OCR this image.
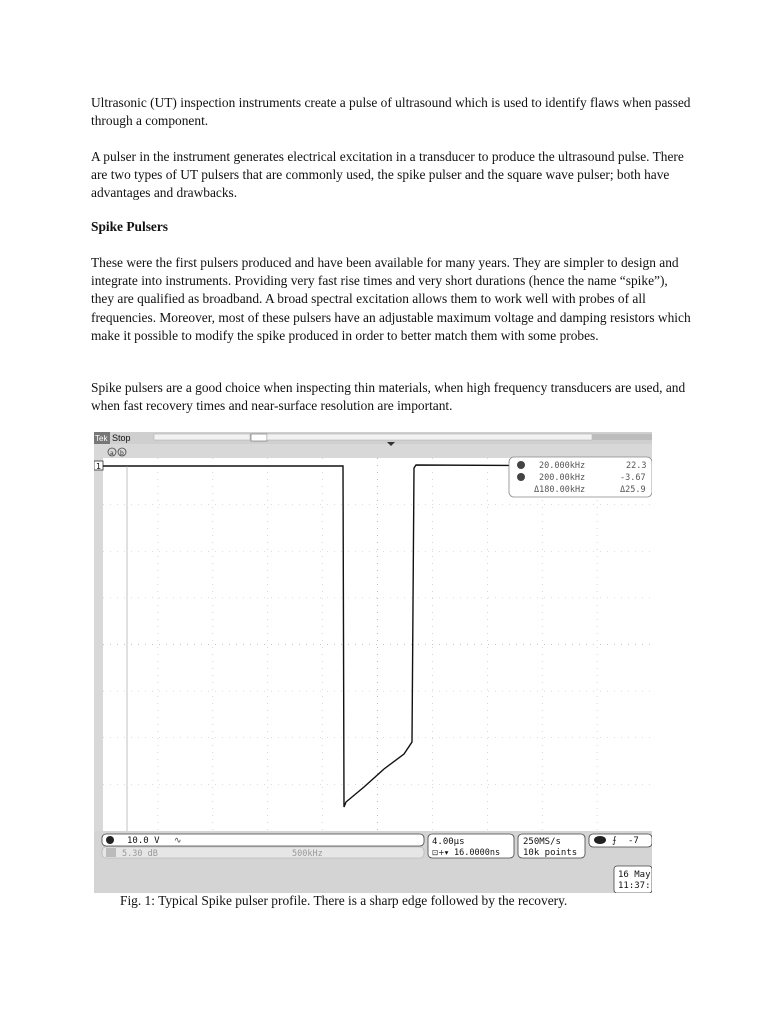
Ultrasonic (UT) inspection instruments create a pulse of ultrasound which is used to identify flaws when passed through a component.

A pulser in the instrument generates electrical excitation in a transducer to produce the ultrasound pulse. There are two types of UT pulsers that are commonly used, the spike pulser and the square wave pulser; both have advantages and drawbacks.

Spike Pulsers

These were the first pulsers produced and have been available for many years. They are simpler to design and integrate into instruments. Providing very fast rise times and very short durations (hence the name “spike”), they are qualified as broadband. A broad spectral excitation allows them to work well with probes of all frequencies. Moreover, most of these pulsers have an adjustable maximum voltage and damping resistors which make it possible to modify the spike produced in order to better match them with some probes.

Spike pulsers are a good choice when inspecting thin materials, when high frequency transducers are used, and when fast recovery times and near-surface resolution are important.

Tek Stop
a b
1	20.000kHz	22.3
200.00kHz	-3.67
Δ180.00kHz	Δ25.9
10.0 V ∿
5.30 dB	500kHz
4.00μs
⊡+▾ 16.0000ns
250MS/s
10k points
⨍ -7
16 May
11:37:

Fig. 1: Typical Spike pulser profile. There is a sharp edge followed by the recovery.
